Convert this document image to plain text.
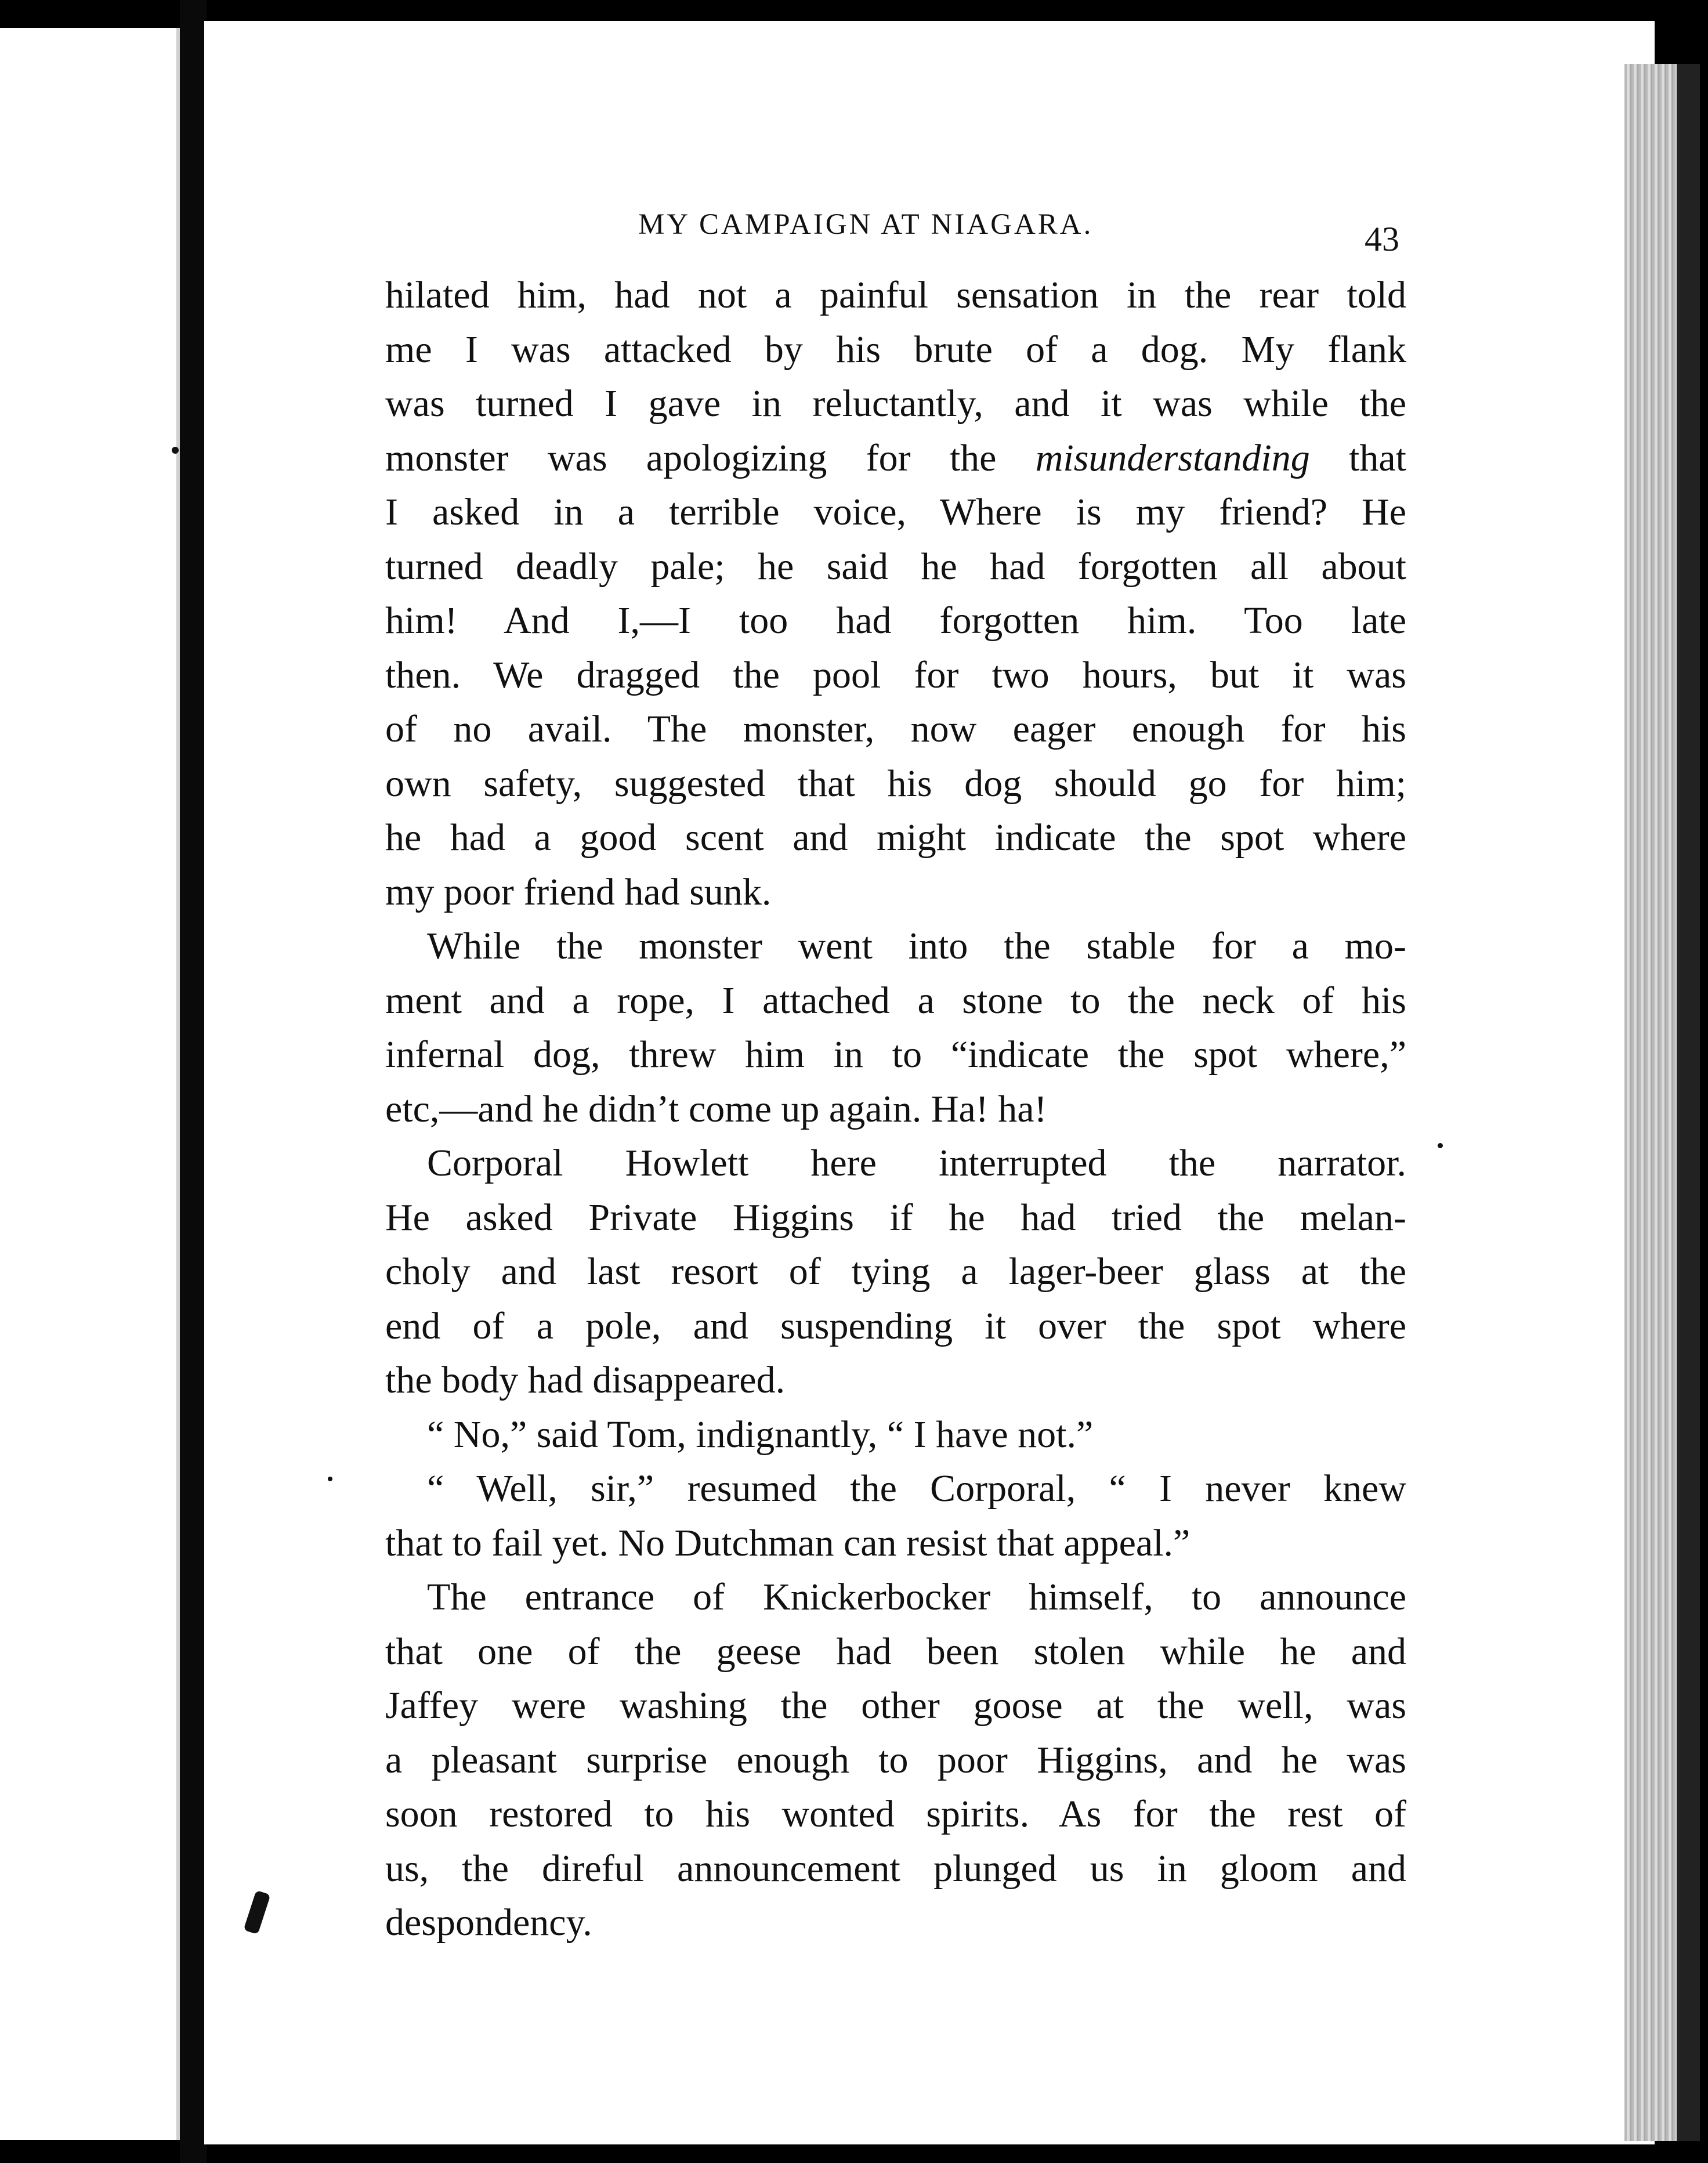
MY CAMPAIGN AT NIAGARA.	43
hilated him, had not a painful sensation in the rear told
me I was attacked by his brute of a dog. My flank
was turned I gave in reluctantly, and it was while the
monster was apologizing for the misunderstanding that
I asked in a terrible voice, Where is my friend? He
turned deadly pale; he said he had forgotten all about
him! And I,—I too had forgotten him. Too late
then. We dragged the pool for two hours, but it was
of no avail. The monster, now eager enough for his
own safety, suggested that his dog should go for him;
he had a good scent and might indicate the spot where
my poor friend had sunk.
While the monster went into the stable for a mo-
ment and a rope, I attached a stone to the neck of his
infernal dog, threw him in to “indicate the spot where,”
etc,—and he didn’t come up again. Ha! ha!
Corporal Howlett here interrupted the narrator.
He asked Private Higgins if he had tried the melan-
choly and last resort of tying a lager-beer glass at the
end of a pole, and suspending it over the spot where
the body had disappeared.
“ No,” said Tom, indignantly, “ I have not.”
“ Well, sir,” resumed the Corporal, “ I never knew
that to fail yet. No Dutchman can resist that appeal.”
The entrance of Knickerbocker himself, to announce
that one of the geese had been stolen while he and
Jaffey were washing the other goose at the well, was
a pleasant surprise enough to poor Higgins, and he was
soon restored to his wonted spirits. As for the rest of
us, the direful announcement plunged us in gloom and
despondency.
